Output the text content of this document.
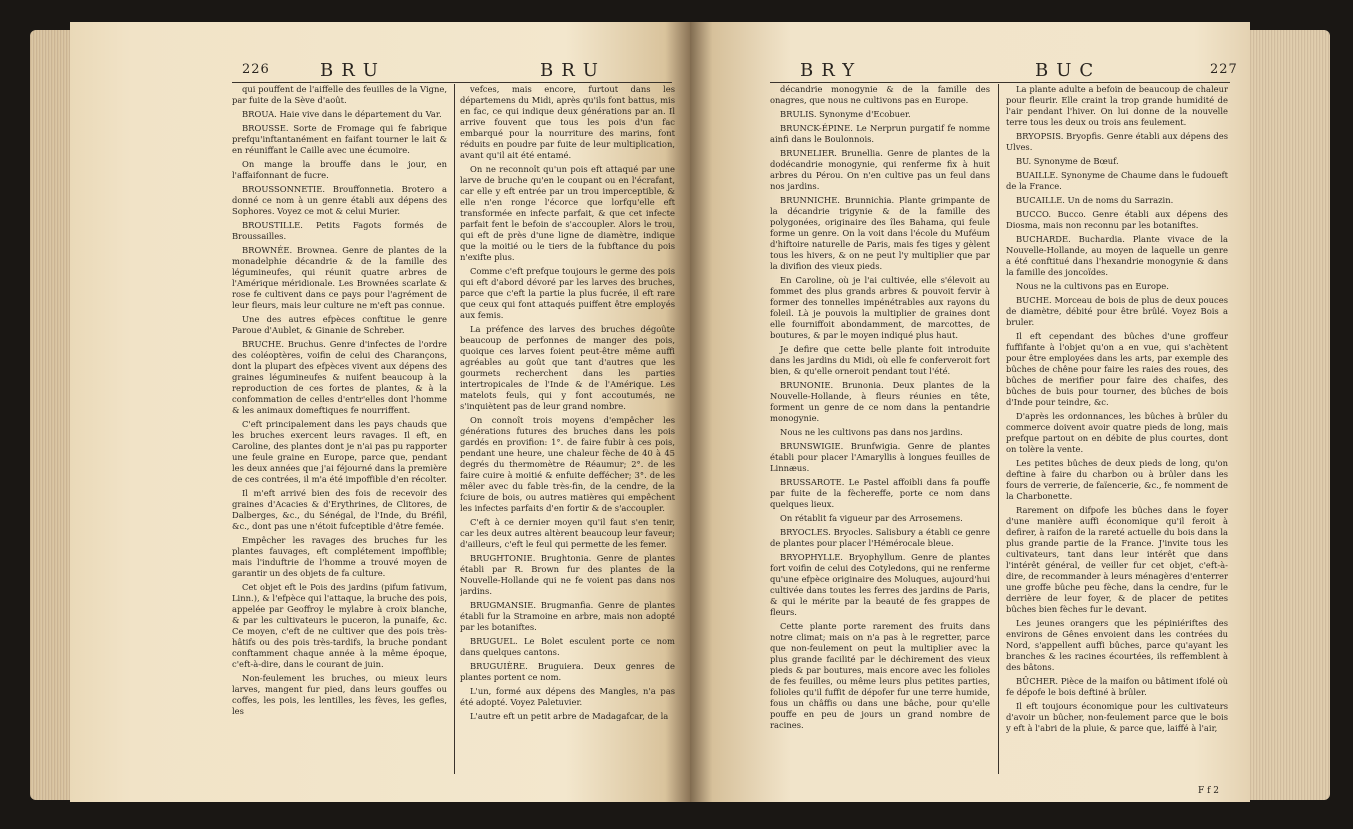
226	BRU	BRU

qui pouffent de l'aiffelle des feuilles de la Vigne, par fuite de la Sève d'août.

BROUA. Haie vive dans le département du Var.

BROUSSE. Sorte de Fromage qui fe fabrique prefqu'inftantanément en faifant tourner le lait & en réuniffant le Caille avec une écumoire.

On mange la brouffe dans le jour, en l'affaifonnant de fucre.

BROUSSONNETIE. Brouffonnetia. Brotero a donné ce nom à un genre établi aux dépens des Sophores. Voyez ce mot & celui Murier.

BROUSTILLE. Petits Fagots formés de Broussailles.

BROWNÉE. Brownea. Genre de plantes de la monadelphie décandrie & de la famille des légumineufes, qui réunit quatre arbres de l'Amérique méridionale. Les Brownées scarlate & rose fe cultivent dans ce pays pour l'agrément de leur fleurs, mais leur culture ne m'eft pas connue.

Une des autres efpèces conftitue le genre Paroue d'Aublet, & Ginanie de Schreber.

BRUCHE. Bruchus. Genre d'infectes de l'ordre des coléoptères, voifin de celui des Charançons, dont la plupart des efpèces vivent aux dépens des graines légumineufes & nuifent beaucoup à la reproduction de ces fortes de plantes, & à la confommation de celles d'entr'elles dont l'homme & les animaux domeftiques fe nourriffent.

C'eft principalement dans les pays chauds que les bruches exercent leurs ravages. Il eft, en Caroline, des plantes dont je n'ai pas pu rapporter une feule graine en Europe, parce que, pendant les deux années que j'ai féjourné dans la première de ces contrées, il m'a été impoffible d'en récolter.

Il m'eft arrivé bien des fois de recevoir des graines d'Acacies & d'Erythrines, de Clitores, de Dalberges, &c., du Sénégal, de l'Inde, du Bréfil, &c., dont pas une n'étoit fufceptible d'être femée.

Empêcher les ravages des bruches fur les plantes fauvages, eft complétement impoffible; mais l'induftrie de l'homme a trouvé moyen de garantir un des objets de fa culture.

Cet objet eft le Pois des jardins (pifum fativum, Linn.), & l'efpèce qui l'attaque, la bruche des pois, appelée par Geoffroy le mylabre à croix blanche, & par les cultivateurs le puceron, la punaife, &c. Ce moyen, c'eft de ne cultiver que des pois très-hâtifs ou des pois très-tardifs, la bruche pondant conftamment chaque année à la même époque, c'eft-à-dire, dans le courant de juin.

Non-feulement les bruches, ou mieux leurs larves, mangent fur pied, dans leurs gouffes ou coffes, les pois, les lentilles, les fèves, les gefles, les

vefces, mais encore, furtout dans les départemens du Midi, après qu'ils font battus, mis en fac, ce qui indique deux générations par an. Il arrive fouvent que tous les pois d'un fac embarqué pour la nourriture des marins, font réduits en poudre par fuite de leur multiplication, avant qu'il ait été entamé.

On ne reconnoît qu'un pois eft attaqué par une larve de bruche qu'en le coupant ou en l'écrafant, car elle y eft entrée par un trou imperceptible, & elle n'en ronge l'écorce que lorfqu'elle eft transformée en infecte parfait, & que cet infecte parfait fent le befoin de s'accoupler. Alors le trou, qui eft de près d'une ligne de diamètre, indique que la moitié ou le tiers de la fubftance du pois n'exifte plus.

Comme c'eft prefque toujours le germe des pois qui eft d'abord dévoré par les larves des bruches, parce que c'eft la partie la plus fucrée, il eft rare que ceux qui font attaqués puiffent être employés aux femis.

La préfence des larves des bruches dégoûte beaucoup de perfonnes de manger des pois, quoique ces larves foient peut-être même auffi agréables au goût que tant d'autres que les gourmets recherchent dans les parties intertropicales de l'Inde & de l'Amérique. Les matelots feuls, qui y font accoutumés, ne s'inquiètent pas de leur grand nombre.

On connoît trois moyens d'empêcher les générations futures des bruches dans les pois gardés en provifion: 1°. de faire fubir à ces pois, pendant une heure, une chaleur fèche de 40 à 45 degrés du thermomètre de Réaumur; 2°. de les faire cuire à moitié & enfuite deffécher; 3°. de les mêler avec du fable très-fin, de la cendre, de la fciure de bois, ou autres matières qui empêchent les infectes parfaits d'en fortir & de s'accoupler.

C'eft à ce dernier moyen qu'il faut s'en tenir, car les deux autres altèrent beaucoup leur faveur; d'ailleurs, c'eft le feul qui permette de les femer.

BRUGHTONIE. Brughtonia. Genre de plantes établi par R. Brown fur des plantes de la Nouvelle-Hollande qui ne fe voient pas dans nos jardins.

BRUGMANSIE. Brugmanfia. Genre de plantes établi fur la Stramoine en arbre, mais non adopté par les botaniftes.

BRUGUEL. Le Bolet esculent porte ce nom dans quelques cantons.

BRUGUIÈRE. Bruguiera. Deux genres de plantes portent ce nom.

L'un, formé aux dépens des Mangles, n'a pas été adopté. Voyez Paletuvier.

L'autre eft un petit arbre de Madagafcar, de la

BRY	BUC	227

décandrie monogynie & de la famille des onagres, que nous ne cultivons pas en Europe.

BRULIS. Synonyme d'Ecobuer.

BRUNCK-ÉPINE. Le Nerprun purgatif fe nomme ainfi dans le Boulonnois.

BRUNELIER. Brunellia. Genre de plantes de la dodécandrie monogynie, qui renferme fix à huit arbres du Pérou. On n'en cultive pas un feul dans nos jardins.

BRUNNICHE. Brunnichia. Plante grimpante de la décandrie trigynie & de la famille des polygonées, originaire des îles Bahama, qui feule forme un genre. On la voit dans l'école du Muféum d'hiftoire naturelle de Paris, mais fes tiges y gèlent tous les hivers, & on ne peut l'y multiplier que par la divifion des vieux pieds.

En Caroline, où je l'ai cultivée, elle s'élevoit au fommet des plus grands arbres & pouvoit fervir à former des tonnelles impénétrables aux rayons du foleil. Là je pouvois la multiplier de graines dont elle fourniffoit abondamment, de marcottes, de boutures, & par le moyen indiqué plus haut.

Je defire que cette belle plante foit introduite dans les jardins du Midi, où elle fe conferveroit fort bien, & qu'elle orneroit pendant tout l'été.

BRUNONIE. Brunonia. Deux plantes de la Nouvelle-Hollande, à fleurs réunies en tête, forment un genre de ce nom dans la pentandrie monogynie.

Nous ne les cultivons pas dans nos jardins.

BRUNSWIGIE. Brunfwigia. Genre de plantes établi pour placer l'Amaryllis à longues feuilles de Linnæus.

BRUSSAROTE. Le Pastel affoibli dans fa pouffe par fuite de la fèchereffe, porte ce nom dans quelques lieux.

On rétablit fa vigueur par des Arrosemens.

BRYOCLES. Bryocles. Salisbury a établi ce genre de plantes pour placer l'Hémérocale bleue.

BRYOPHYLLE. Bryophyllum. Genre de plantes fort voifin de celui des Cotyledons, qui ne renferme qu'une efpèce originaire des Moluques, aujourd'hui cultivée dans toutes les ferres des jardins de Paris, & qui le mérite par la beauté de fes grappes de fleurs.

Cette plante porte rarement des fruits dans notre climat; mais on n'a pas à le regretter, parce que non-feulement on peut la multiplier avec la plus grande facilité par le déchirement des vieux pieds & par boutures, mais encore avec les folioles de fes feuilles, ou même leurs plus petites parties, folioles qu'il fuffit de dépofer fur une terre humide, fous un châffis ou dans une bâche, pour qu'elle pouffe en peu de jours un grand nombre de racines.

La plante adulte a befoin de beaucoup de chaleur pour fleurir. Elle craint la trop grande humidité de l'air pendant l'hiver. On lui donne de la nouvelle terre tous les deux ou trois ans feulement.

BRYOPSIS. Bryopfis. Genre établi aux dépens des Ulves.

BU. Synonyme de Bœuf.

BUAILLE. Synonyme de Chaume dans le fudoueft de la France.

BUCAILLE. Un de noms du Sarrazin.

BUCCO. Bucco. Genre établi aux dépens des Diosma, mais non reconnu par les botaniftes.

BUCHARDE. Buchardia. Plante vivace de la Nouvelle-Hollande, au moyen de laquelle un genre a été conftitué dans l'hexandrie monogynie & dans la famille des joncoïdes.

Nous ne la cultivons pas en Europe.

BUCHE. Morceau de bois de plus de deux pouces de diamètre, débité pour être brûlé. Voyez Bois a bruler.

Il eft cependant des bûches d'une groffeur fuffifante à l'objet qu'on a en vue, qui s'achètent pour être employées dans les arts, par exemple des bûches de chêne pour faire les raies des roues, des bûches de merifier pour faire des chaifes, des bûches de buis pour tourner, des bûches de bois d'Inde pour teindre, &c.

D'après les ordonnances, les bûches à brûler du commerce doivent avoir quatre pieds de long, mais prefque partout on en débite de plus courtes, dont on tolère la vente.

Les petites bûches de deux pieds de long, qu'on deftine à faire du charbon ou à brûler dans les fours de verrerie, de faïencerie, &c., fe nomment de la Charbonette.

Rarement on difpofe les bûches dans le foyer d'une manière auffi économique qu'il feroit à defirer, à raifon de la rareté actuelle du bois dans la plus grande partie de la France. J'invite tous les cultivateurs, tant dans leur intérêt que dans l'intérêt général, de veiller fur cet objet, c'eft-à-dire, de recommander à leurs ménagères d'enterrer une groffe bûche peu fèche, dans la cendre, fur le derrière de leur foyer, & de placer de petites bûches bien fèches fur le devant.

Les jeunes orangers que les pépiniériftes des environs de Gênes envoient dans les contrées du Nord, s'appellent auffi bûches, parce qu'ayant les branches & les racines écourtées, ils reffemblent à des bâtons.

BÛCHER. Pièce de la maifon ou bâtiment ifolé où fe dépofe le bois deftiné à brûler.

Il eft toujours économique pour les cultivateurs d'avoir un bûcher, non-feulement parce que le bois y eft à l'abri de la pluie, & parce que, laiffé à l'air,

F f 2
